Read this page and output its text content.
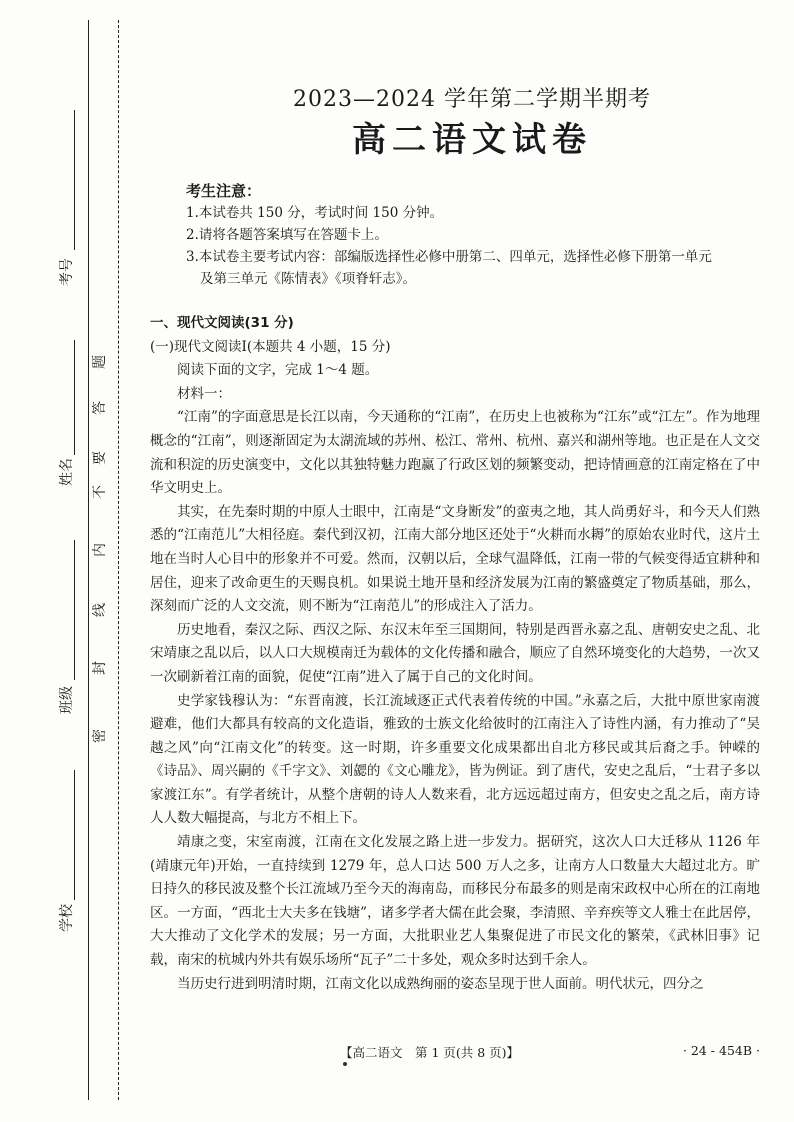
考号
姓名
班级
学校
密
封
线
内
不
要
答
题
2023—2024 学年第二学期半期考
高二语文试卷
考生注意：
1.本试卷共 150 分，考试时间 150 分钟。
2.请将各题答案填写在答题卡上。
3.本试卷主要考试内容：部编版选择性必修中册第二、四单元，选择性必修下册第一单元
及第三单元《陈情表》《项脊轩志》。

一、现代文阅读(31 分)

(一)现代文阅读Ⅰ(本题共 4 小题，15 分)

阅读下面的文字，完成 1～4 题。

材料一：

“江南”的字面意思是长江以南，今天通称的“江南”，在历史上也被称为“江东”或“江左”。作为地理概念的“江南”，则逐渐固定为太湖流域的苏州、松江、常州、杭州、嘉兴和湖州等地。也正是在人文交流和积淀的历史演变中，文化以其独特魅力跑赢了行政区划的频繁变动，把诗情画意的江南定格在了中华文明史上。

其实，在先秦时期的中原人士眼中，江南是“文身断发”的蛮夷之地，其人尚勇好斗，和今天人们熟悉的“江南范儿”大相径庭。秦代到汉初，江南大部分地区还处于“火耕而水耨”的原始农业时代，这片土地在当时人心目中的形象并不可爱。然而，汉朝以后，全球气温降低，江南一带的气候变得适宜耕种和居住，迎来了改命更生的天赐良机。如果说土地开垦和经济发展为江南的繁盛奠定了物质基础，那么，深刻而广泛的人文交流，则不断为“江南范儿”的形成注入了活力。

历史地看，秦汉之际、西汉之际、东汉末年至三国期间，特别是西晋永嘉之乱、唐朝安史之乱、北宋靖康之乱以后，以人口大规模南迁为载体的文化传播和融合，顺应了自然环境变化的大趋势，一次又一次刷新着江南的面貌，促使“江南”进入了属于自己的文化时间。

史学家钱穆认为：“东晋南渡，长江流域逐正式代表着传统的中国。”永嘉之后，大批中原世家南渡避难，他们大都具有较高的文化造诣，雅致的士族文化给彼时的江南注入了诗性内涵，有力推动了“吴越之风”向“江南文化”的转变。这一时期，许多重要文化成果都出自北方移民或其后裔之手。钟嵘的《诗品》、周兴嗣的《千字文》、刘勰的《文心雕龙》，皆为例证。到了唐代，安史之乱后，“士君子多以家渡江东”。有学者统计，从整个唐朝的诗人人数来看，北方远远超过南方，但安史之乱之后，南方诗人人数大幅提高，与北方不相上下。

靖康之变，宋室南渡，江南在文化发展之路上进一步发力。据研究，这次人口大迁移从 1126 年(靖康元年)开始，一直持续到 1279 年，总人口达 500 万人之多，让南方人口数量大大超过北方。旷日持久的移民波及整个长江流域乃至今天的海南岛，而移民分布最多的则是南宋政权中心所在的江南地区。一方面，“西北士大夫多在钱塘”，诸多学者大儒在此会聚，李清照、辛弃疾等文人雅士在此居停，大大推动了文化学术的发展；另一方面，大批职业艺人集聚促进了市民文化的繁荣，《武林旧事》记载，南宋的杭城内外共有娱乐场所“瓦子”二十多处，观众多时达到千余人。

当历史行进到明清时期，江南文化以成熟绚丽的姿态呈现于世人面前。明代状元，四分之

【高二语文　第 1 页(共 8 页)】	· 24 - 454B ·
